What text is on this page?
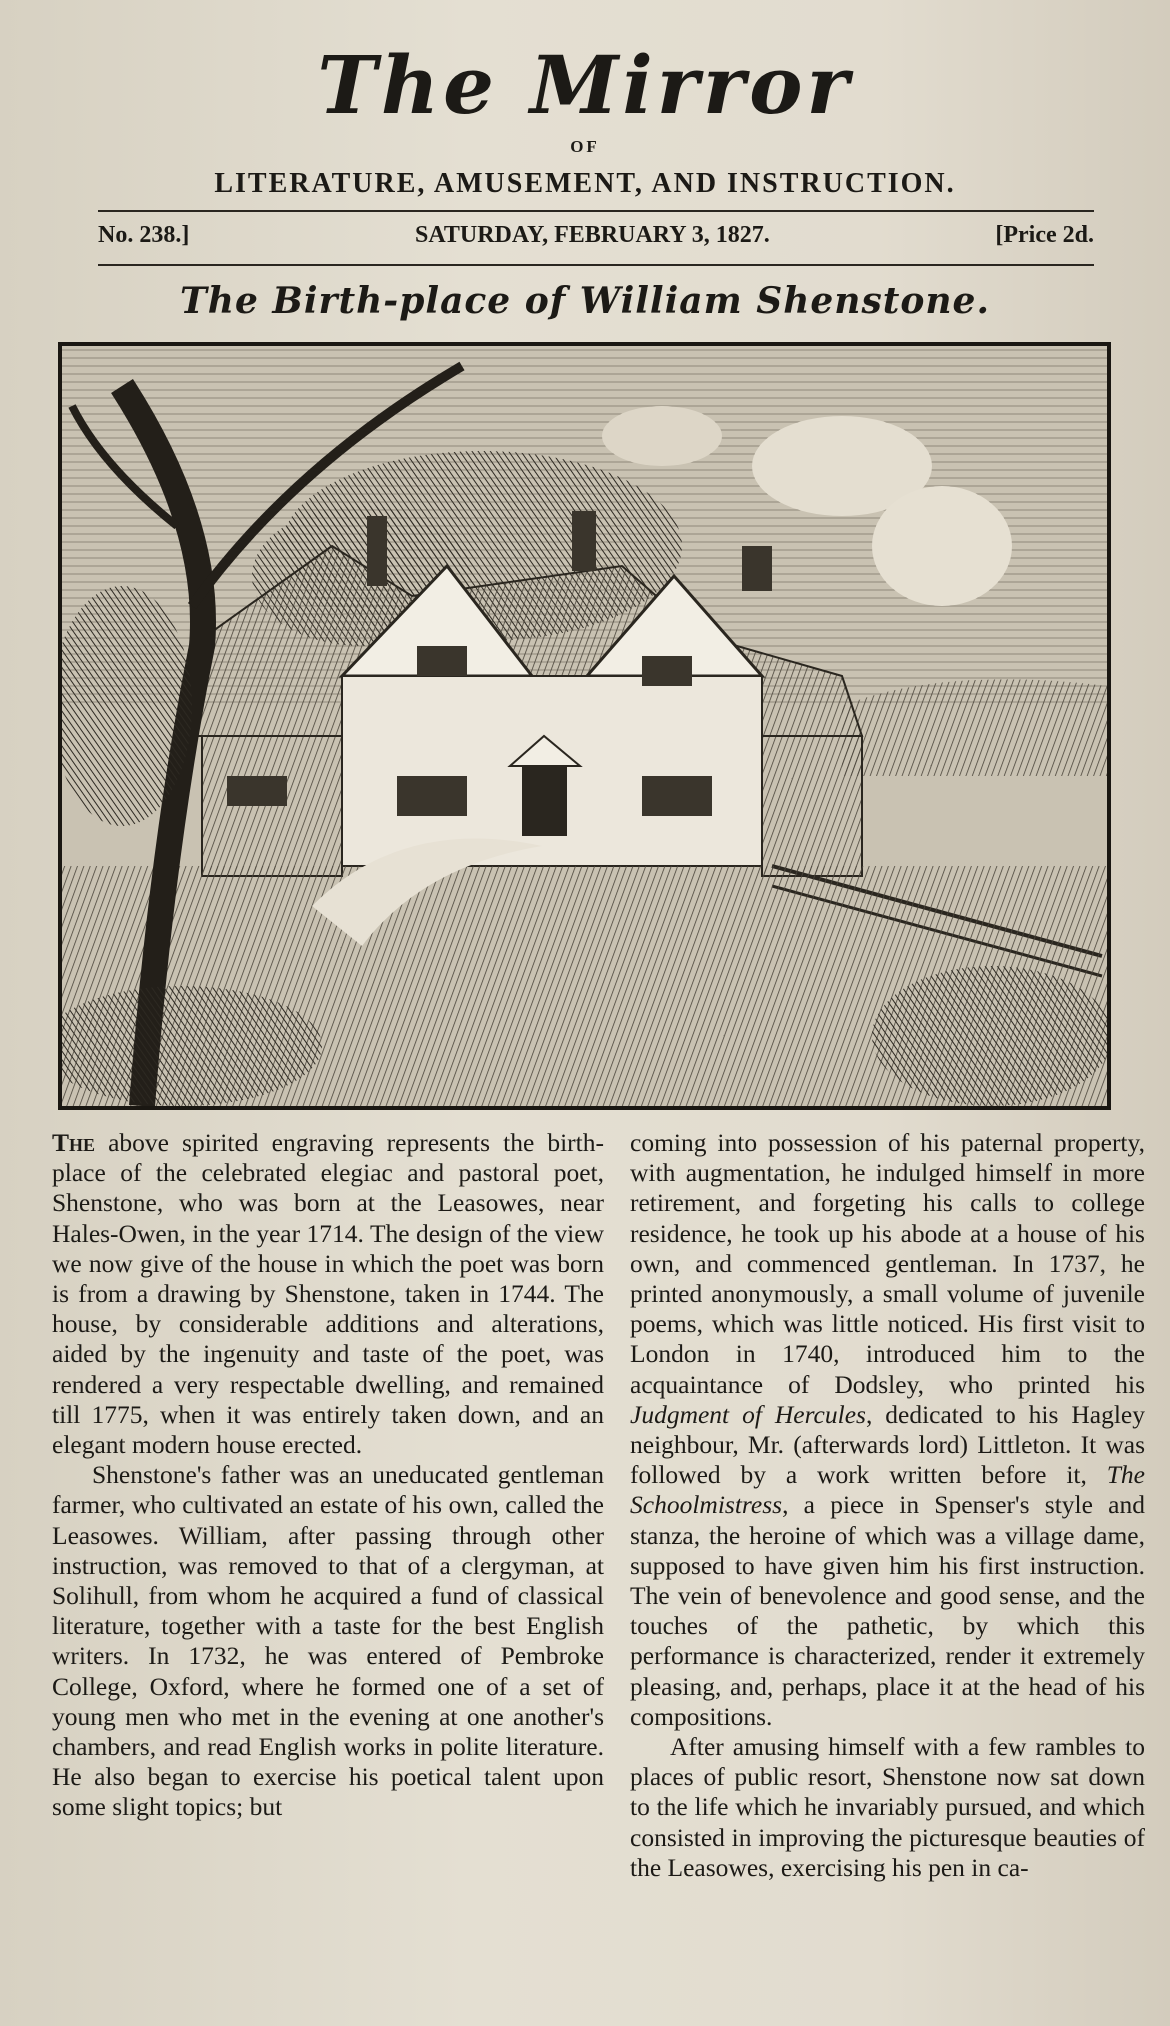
The Mirror
OF
LITERATURE, AMUSEMENT, AND INSTRUCTION.
No. 238.]	SATURDAY, FEBRUARY 3, 1827.	[Price 2d.
The Birth-place of William Shenstone.

The above spirited engraving represents the birth-place of the celebrated elegiac and pastoral poet, Shenstone, who was born at the Leasowes, near Hales-Owen, in the year 1714. The design of the view we now give of the house in which the poet was born is from a drawing by Shenstone, taken in 1744. The house, by considerable additions and alterations, aided by the ingenuity and taste of the poet, was rendered a very respectable dwelling, and remained till 1775, when it was entirely taken down, and an elegant modern house erected.

Shenstone's father was an uneducated gentleman farmer, who cultivated an estate of his own, called the Leasowes. William, after passing through other instruction, was removed to that of a clergyman, at Solihull, from whom he acquired a fund of classical literature, together with a taste for the best English writers. In 1732, he was entered of Pembroke College, Oxford, where he formed one of a set of young men who met in the evening at one another's chambers, and read English works in polite literature. He also began to exercise his poetical talent upon some slight topics; but

coming into possession of his paternal property, with augmentation, he indulged himself in more retirement, and forgeting his calls to college residence, he took up his abode at a house of his own, and commenced gentleman. In 1737, he printed anonymously, a small volume of juvenile poems, which was little noticed. His first visit to London in 1740, introduced him to the acquaintance of Dodsley, who printed his Judgment of Hercules, dedicated to his Hagley neighbour, Mr. (afterwards lord) Littleton. It was followed by a work written before it, The Schoolmistress, a piece in Spenser's style and stanza, the heroine of which was a village dame, supposed to have given him his first instruction. The vein of benevolence and good sense, and the touches of the pathetic, by which this performance is characterized, render it extremely pleasing, and, perhaps, place it at the head of his compositions.

After amusing himself with a few rambles to places of public resort, Shenstone now sat down to the life which he invariably pursued, and which consisted in improving the picturesque beauties of the Leasowes, exercising his pen in ca-
